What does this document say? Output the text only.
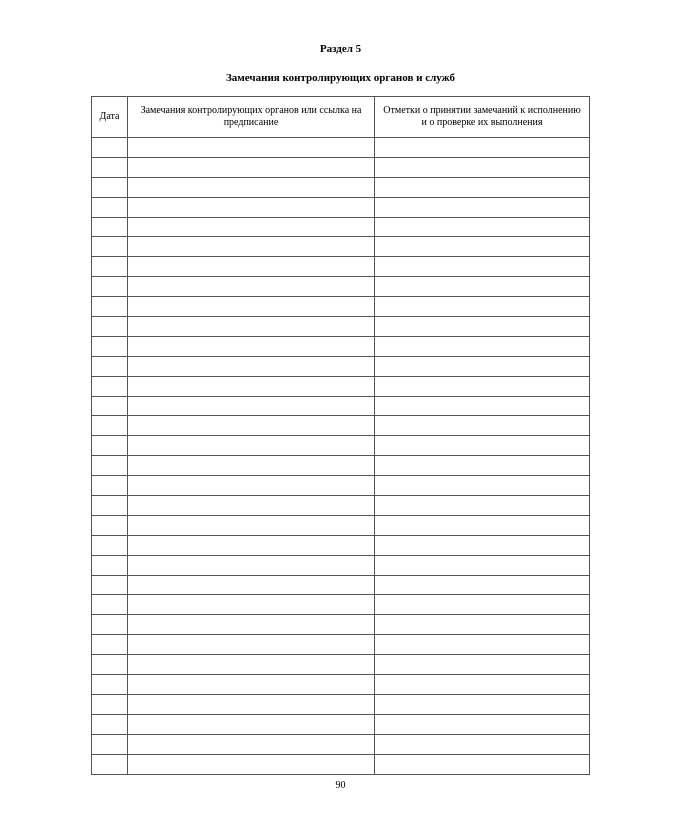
Раздел 5
Замечания контролирующих органов и служб
Дата	Замечания контролирующих органов или ссылка на предписание	Отметки о принятии замечаний к исполнению и о проверке их выполнения

90
